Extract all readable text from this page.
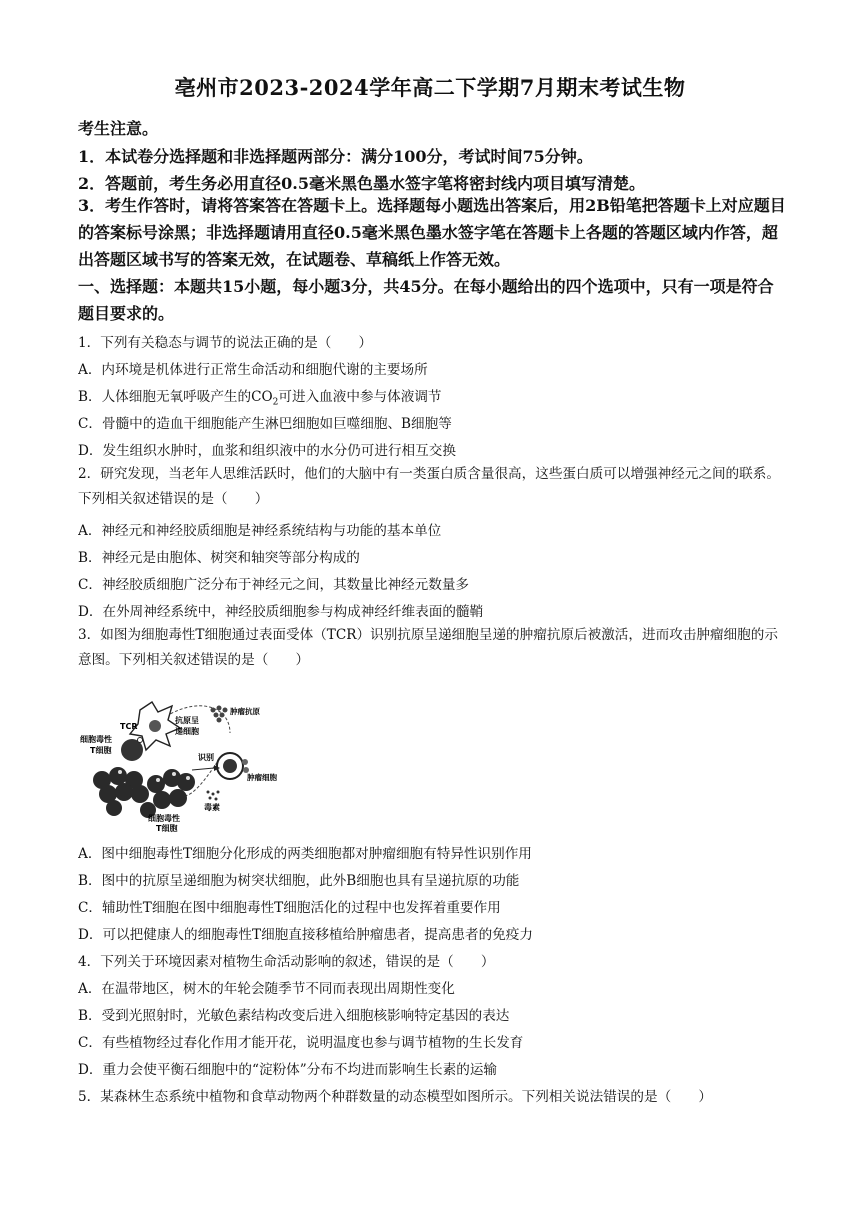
亳州市2023-2024学年高二下学期7月期末考试生物
考生注意。
1．本试卷分选择题和非选择题两部分：满分100分，考试时间75分钟。
2．答题前，考生务必用直径0.5毫米黑色墨水签字笔将密封线内项目填写清楚。
3．考生作答时，请将答案答在答题卡上。选择题每小题选出答案后，用2B铅笔把答题卡上对应题目的答案标号涂黑；非选择题请用直径0.5毫米黑色墨水签字笔在答题卡上各题的答题区域内作答，超出答题区域书写的答案无效，在试题卷、草稿纸上作答无效。
一、选择题：本题共15小题，每小题3分，共45分。在每小题给出的四个选项中，只有一项是符合题目要求的。
1．下列有关稳态与调节的说法正确的是（　　）
A．内环境是机体进行正常生命活动和细胞代谢的主要场所
B．人体细胞无氧呼吸产生的$CO_2$可进入血液中参与体液调节
C．骨髓中的造血干细胞能产生淋巴细胞如巨噬细胞、B细胞等
D．发生组织水肿时，血浆和组织液中的水分仍可进行相互交换
2．研究发现，当老年人思维活跃时，他们的大脑中有一类蛋白质含量很高，这些蛋白质可以增强神经元之间的联系。下列相关叙述错误的是（　　）
A．神经元和神经胶质细胞是神经系统结构与功能的基本单位
B．神经元是由胞体、树突和轴突等部分构成的
C．神经胶质细胞广泛分布于神经元之间，其数量比神经元数量多
D．在外周神经系统中，神经胶质细胞参与构成神经纤维表面的髓鞘
3．如图为细胞毒性T细胞通过表面受体（TCR）识别抗原呈递细胞呈递的肿瘤抗原后被激活，进而攻击肿瘤细胞的示意图。下列相关叙述错误的是（　　）
TCR
细胞毒性
T细胞
抗原呈
递细胞
肿瘤抗原
识别
肿瘤细胞
细胞毒性
T细胞
毒素
A．图中细胞毒性T细胞分化形成的两类细胞都对肿瘤细胞有特异性识别作用
B．图中的抗原呈递细胞为树突状细胞，此外B细胞也具有呈递抗原的功能
C．辅助性T细胞在图中细胞毒性T细胞活化的过程中也发挥着重要作用
D．可以把健康人的细胞毒性T细胞直接移植给肿瘤患者，提高患者的免疫力
4．下列关于环境因素对植物生命活动影响的叙述，错误的是（　　）
A．在温带地区，树木的年轮会随季节不同而表现出周期性变化
B．受到光照射时，光敏色素结构改变后进入细胞核影响特定基因的表达
C．有些植物经过春化作用才能开花，说明温度也参与调节植物的生长发育
D．重力会使平衡石细胞中的“淀粉体”分布不均进而影响生长素的运输
5．某森林生态系统中植物和食草动物两个种群数量的动态模型如图所示。下列相关说法错误的是（　　）
